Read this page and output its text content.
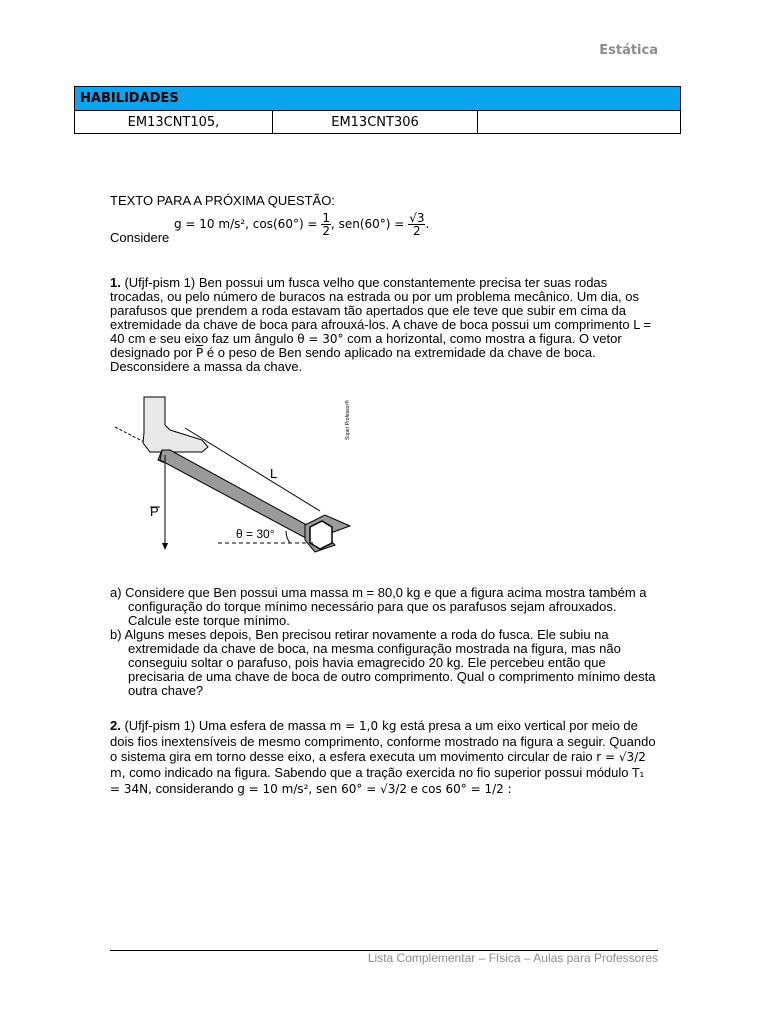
Estática
HABILIDADES
EM13CNT105,	EM13CNT306	
TEXTO PARA A PRÓXIMA QUESTÃO:
Considere
g = 10 m/s², $\cos(60^\circ) = \frac{1}{2}$ , $sen(60^\circ) = \frac{√3}{2}$ .
1. (Ufjf-pism 1) Ben possui um fusca velho que constantemente precisa ter suas rodas trocadas, ou pelo número de buracos na estrada ou por um problema mecânico. Um dia, os parafusos que prendem a roda estavam tão apertados que ele teve que subir em cima da extremidade da chave de boca para afrouxá-los. A chave de boca possui um comprimento L = 40 cm e seu eixo faz um ângulo θ = 30° com a horizontal, como mostra a figura. O vetor designado por $\overline{P}$ é o peso de Ben sendo aplicado na extremidade da chave de boca. Desconsidere a massa da chave.
L
P
θ = 30°
Super Professor®
a) Considere que Ben possui uma massa m = 80,0 kg e que a figura acima mostra também a
configuração do torque mínimo necessário para que os parafusos sejam afrouxados. Calcule este torque mínimo.
b) Alguns meses depois, Ben precisou retirar novamente a roda do fusca. Ele subiu na
extremidade da chave de boca, na mesma configuração mostrada na figura, mas não conseguiu soltar o parafuso, pois havia emagrecido 20 kg. Ele percebeu então que precisaria de uma chave de boca de outro comprimento. Qual o comprimento mínimo desta outra chave?
2. (Ufjf-pism 1) Uma esfera de massa m = 1,0 kg está presa a um eixo vertical por meio de dois fios inextensíveis de mesmo comprimento, conforme mostrado na figura a seguir. Quando o sistema gira em torno desse eixo, a esfera executa um movimento circular de raio r = √3/2 m, como indicado na figura. Sabendo que a tração exercida no fio superior possui módulo T₁ = 34N, considerando g = 10 m/s², sen 60° = √3/2 e cos 60° = 1/2 :
Lista Complementar – Física – Aulas para Professores
